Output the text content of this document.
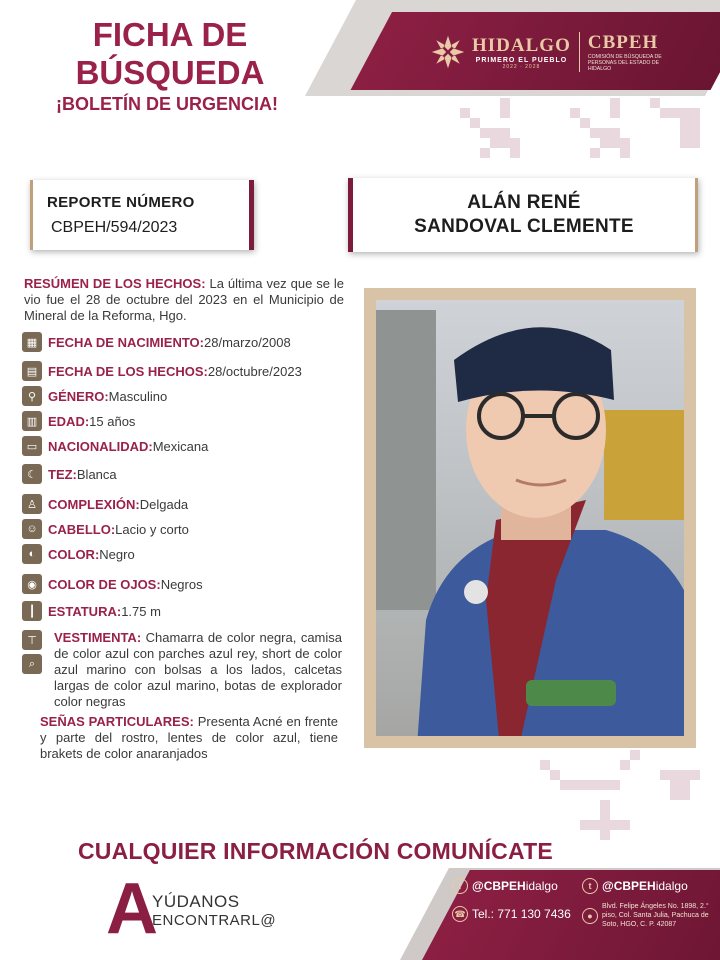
HIDALGO
PRIMERO EL PUEBLO
2022 · 2028
CBPEH
COMISIÓN DE BÚSQUEDA DE PERSONAS DEL ESTADO DE HIDALGO
FICHA DE
BÚSQUEDA
¡BOLETÍN DE URGENCIA!
REPORTE NÚMERO
CBPEH/594/2023
ALÁN RENÉ
SANDOVAL CLEMENTE
RESÚMEN DE LOS HECHOS: La última vez que se le vio fue el 28 de octubre del 2023 en el Municipio de Mineral de la Reforma, Hgo.
▦ FECHA DE NACIMIENTO: 28/marzo/2008
▤ FECHA DE LOS HECHOS: 28/octubre/2023
⚲ GÉNERO: Masculino
▥ EDAD: 15 años
▭ NACIONALIDAD: Mexicana
☾ TEZ: Blanca
♙ COMPLEXIÓN: Delgada
☺ CABELLO: Lacio y corto
◐ COLOR: Negro
◉ COLOR DE OJOS: Negros
┃ ESTATURA: 1.75 m
⊤
⌕
VESTIMENTA: Chamarra de color negra, camisa de color azul con parches azul rey, short de color azul marino con bolsas a los lados, calcetas largas de color azul marino, botas de explorador color negras
SEÑAS PARTICULARES: Presenta Acné en frente y parte del rostro, lentes de color azul, tiene brakets de color anaranjados
CUALQUIER INFORMACIÓN COMUNÍCATE
A
YÚDANOS
ENCONTRARL@
f @CBPEH idalgo	t @CBPEH idalgo
☎ Tel.: 771 130 7436	●
Blvd. Felipe Ángeles No. 1898, 2.° piso, Col. Santa Julia, Pachuca de Soto, HGO, C. P. 42087
